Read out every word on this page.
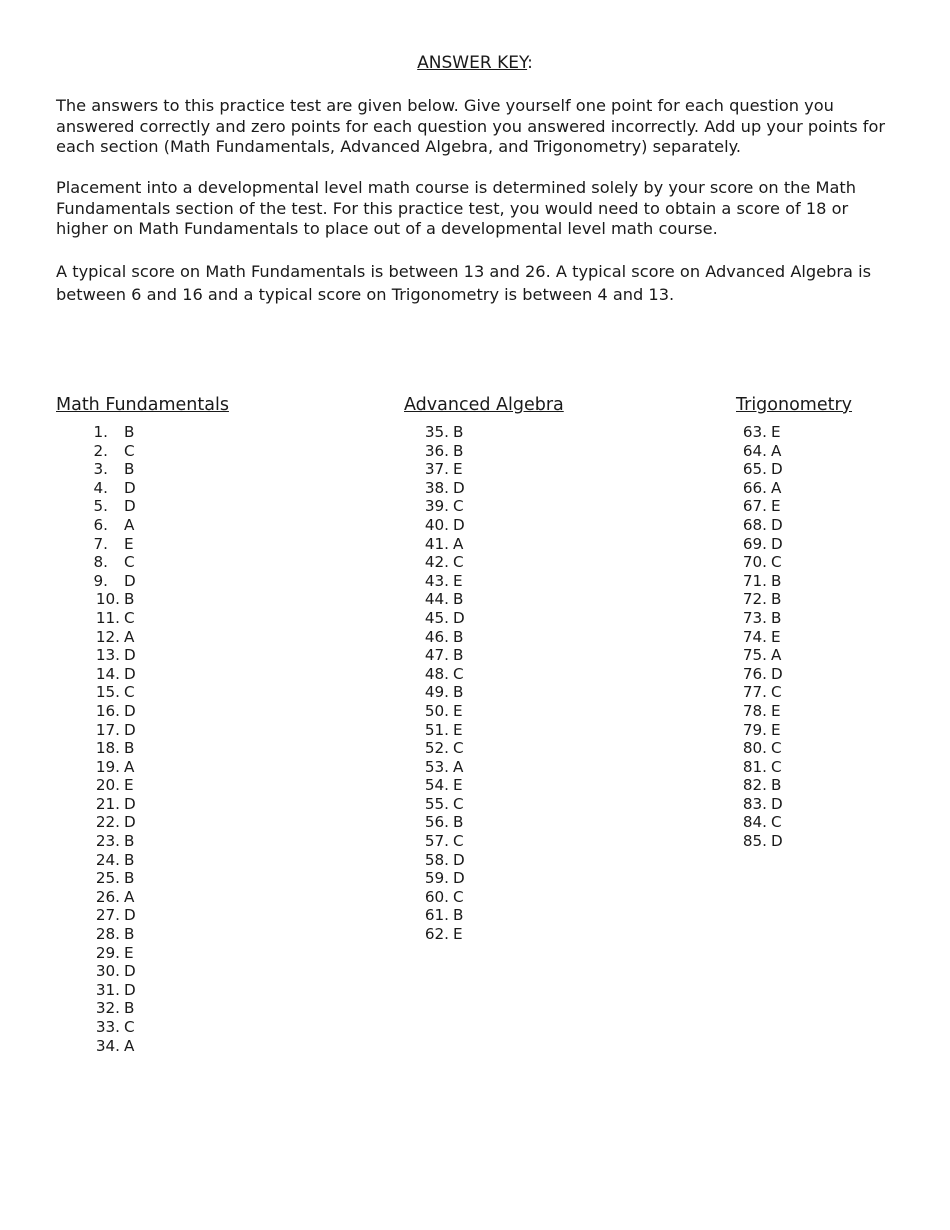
ANSWER KEY:

The answers to this practice test are given below. Give yourself one point for each question you answered correctly and zero points for each question you answered incorrectly. Add up your points for each section (Math Fundamentals, Advanced Algebra, and Trigonometry) separately.

Placement into a developmental level math course is determined solely by your score on the Math Fundamentals section of the test. For this practice test, you would need to obtain a score of 18 or higher on Math Fundamentals to place out of a developmental level math course.

A typical score on Math Fundamentals is between 13 and 26. A typical score on Advanced Algebra is between 6 and 16 and a typical score on Trigonometry is between 4 and 13.

Math Fundamentals	Advanced Algebra	Trigonometry
1. B
2. C
3. B
4. D
5. D
6. A
7. E
8. C
9. D
10. B
11. C
12. A
13. D
14. D
15. C
16. D
17. D
18. B
19. A
20. E
21. D
22. D
23. B
24. B
25. B
26. A
27. D
28. B
29. E
30. D
31. D
32. B
33. C
34. A
35. B
36. B
37. E
38. D
39. C
40. D
41. A
42. C
43. E
44. B
45. D
46. B
47. B
48. C
49. B
50. E
51. E
52. C
53. A
54. E
55. C
56. B
57. C
58. D
59. D
60. C
61. B
62. E
63. E
64. A
65. D
66. A
67. E
68. D
69. D
70. C
71. B
72. B
73. B
74. E
75. A
76. D
77. C
78. E
79. E
80. C
81. C
82. B
83. D
84. C
85. D
